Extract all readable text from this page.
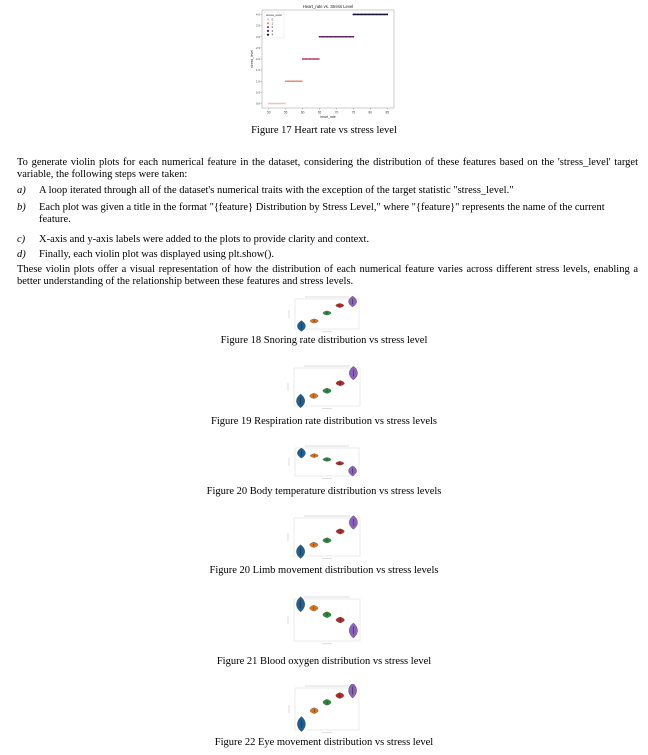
Heart_rate vs. Stress Level
50	55	60	65	70	75	80	85
0.0
0.5
1.0
1.5
2.0
2.5
3.0
3.5
4.0
heart_rate
stress_level
stress_level
0
1
2
3
4
Figure 17 Heart rate vs stress level
To generate violin plots for each numerical feature in the dataset, considering the distribution of these features based on the 'stress_level' target variable, the following steps were taken:
a) A loop iterated through all of the dataset's numerical traits with the exception of the target statistic "stress_level."
b) Each plot was given a title in the format "{feature} Distribution by Stress Level," where "{feature}" represents the name of the current feature.
c) X-axis and y-axis labels were added to the plots to provide clarity and context.
d) Finally, each violin plot was displayed using plt.show().
These violin plots offer a visual representation of how the distribution of each numerical feature varies across different stress levels, enabling a better understanding of the relationship between these features and stress levels.
Figure 18 Snoring rate distribution vs stress level
Figure 19 Respiration rate distribution vs stress levels
Figure 20 Body temperature distribution vs stress levels
Figure 20 Limb movement distribution vs stress levels
Figure 21 Blood oxygen distribution vs stress level
Figure 22 Eye movement distribution vs stress level
